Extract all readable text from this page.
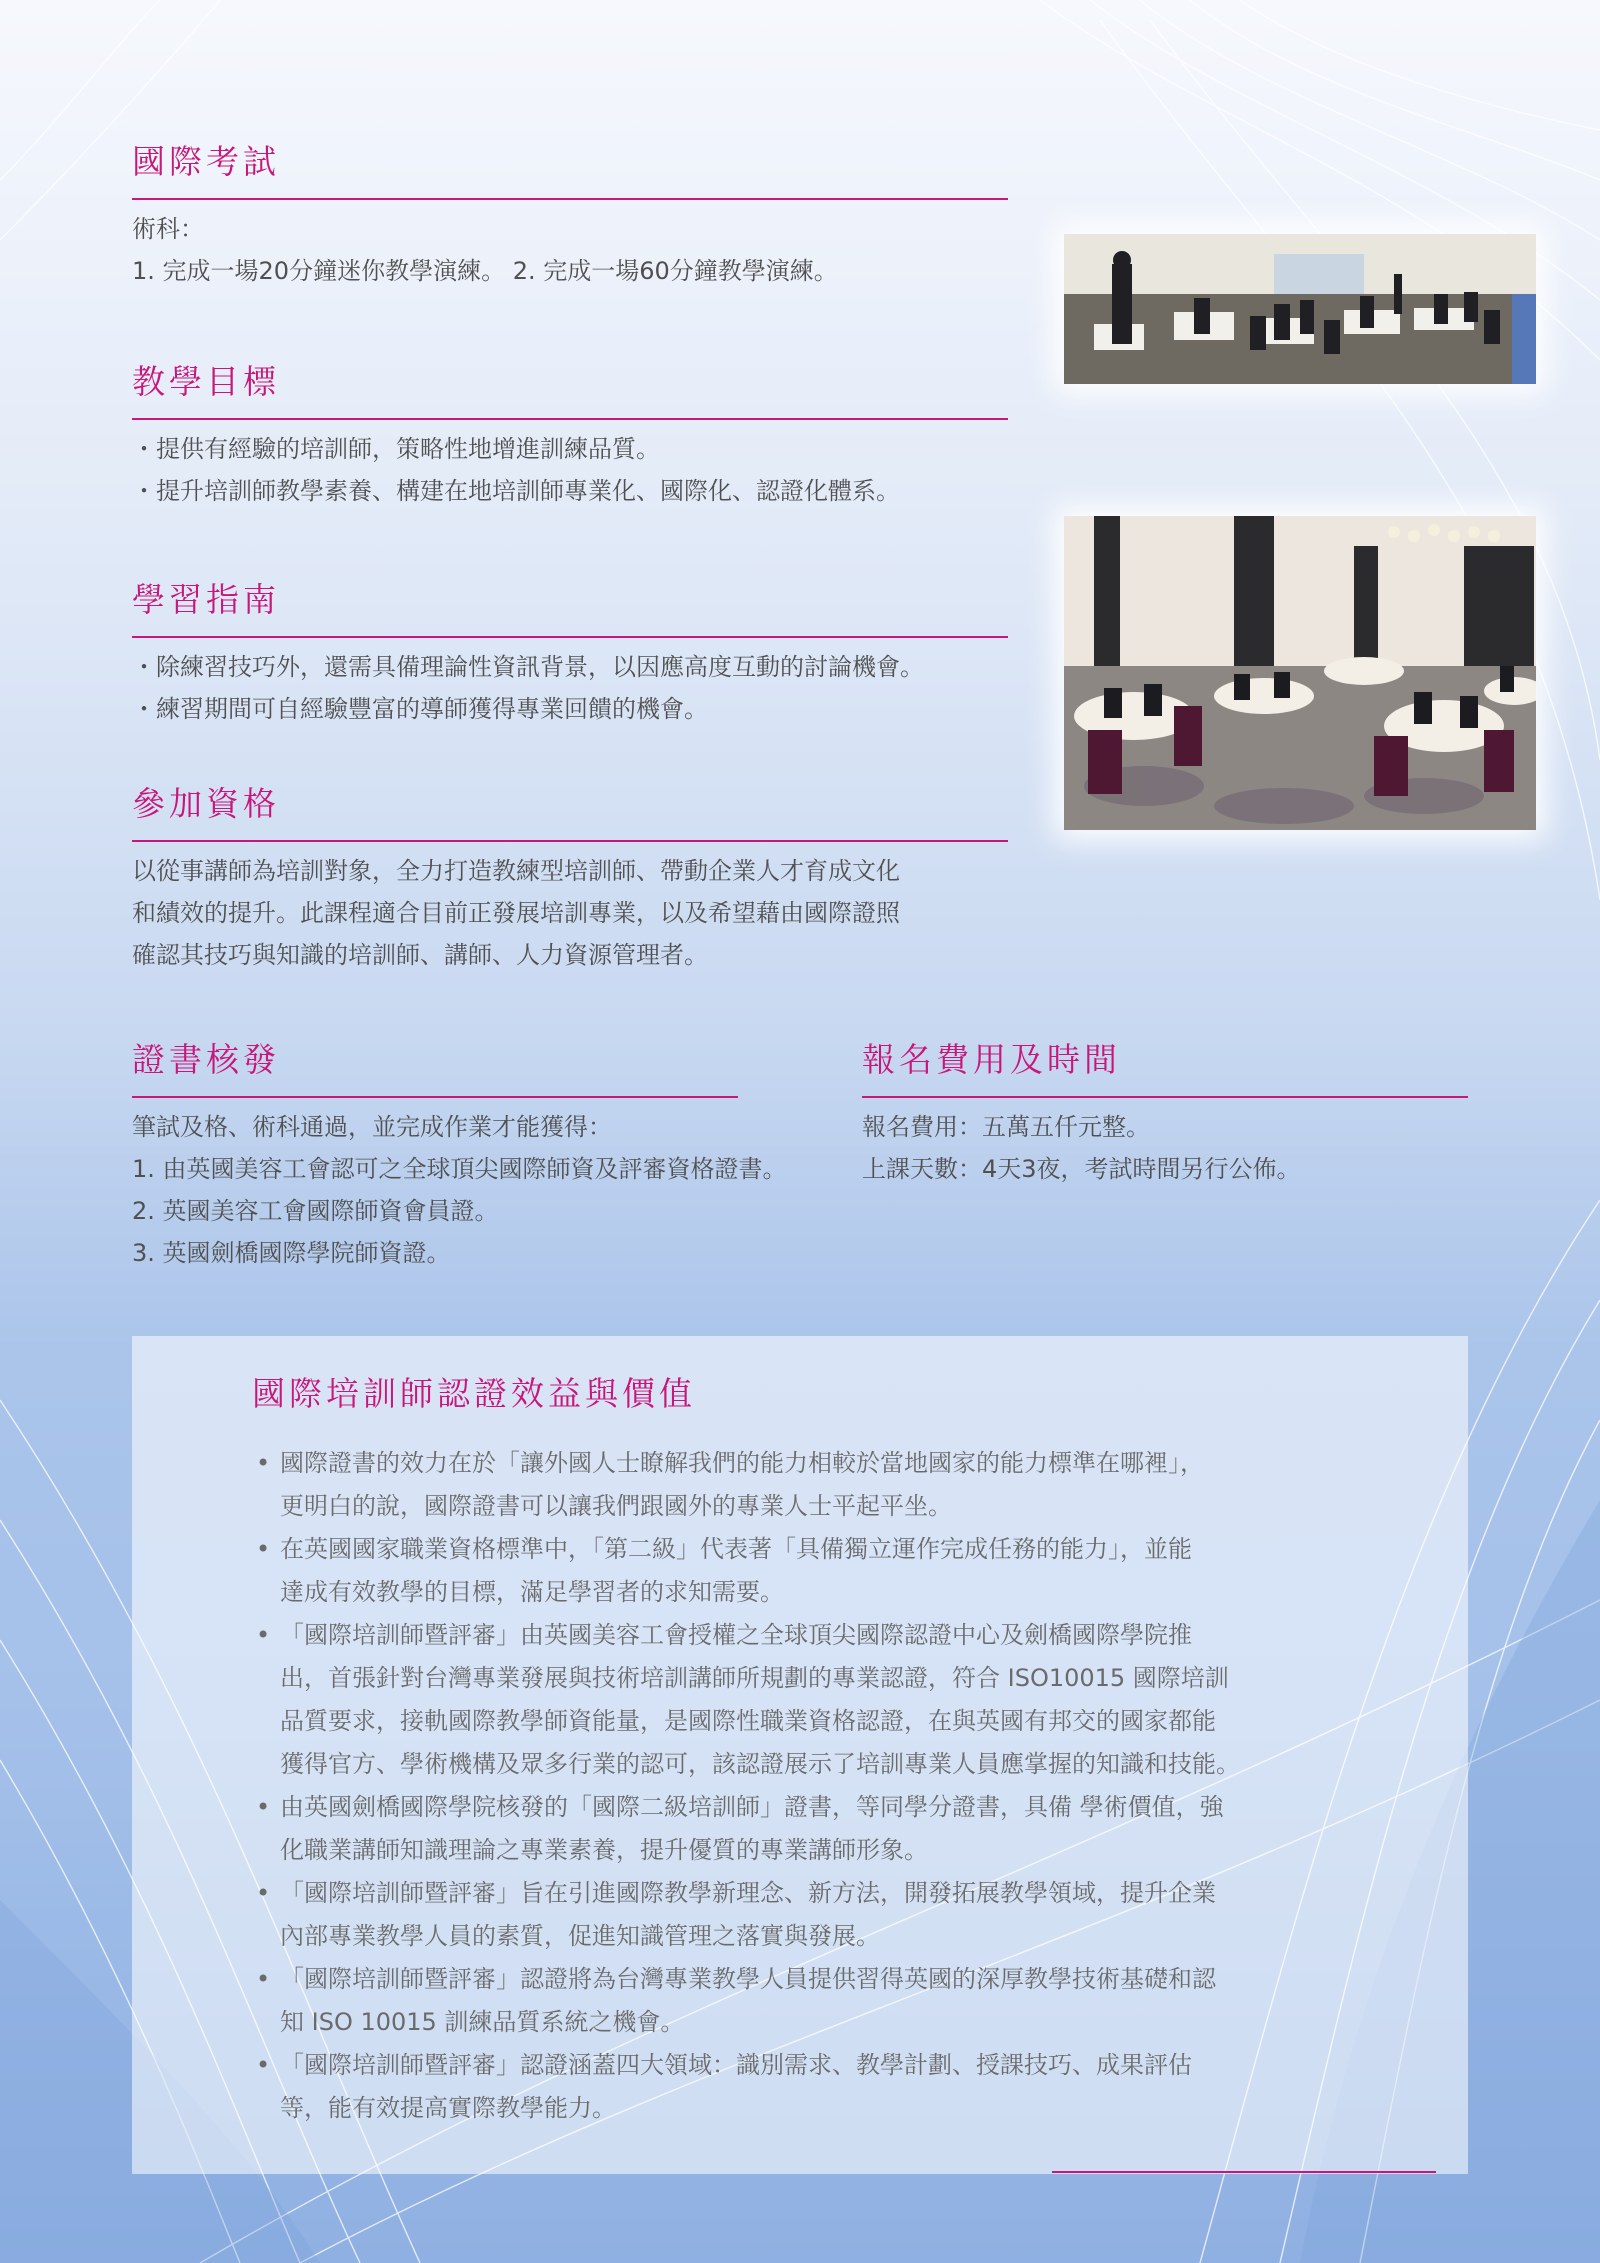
國際考試
術科：
1. 完成一場20分鐘迷你教學演練。 2. 完成一場60分鐘教學演練。
教學目標
・ 提供有經驗的培訓師，策略性地增進訓練品質。
・ 提升培訓師教學素養、構建在地培訓師專業化、國際化、認證化體系。
學習指南
・ 除練習技巧外，還需具備理論性資訊背景，以因應高度互動的討論機會。
・ 練習期間可自經驗豐富的導師獲得專業回饋的機會。
參加資格
以從事講師為培訓對象，全力打造教練型培訓師、帶動企業人才育成文化
和績效的提升。此課程適合目前正發展培訓專業，以及希望藉由國際證照
確認其技巧與知識的培訓師、講師、人力資源管理者。
證書核發
筆試及格、術科通過，並完成作業才能獲得：
1. 由英國美容工會認可之全球頂尖國際師資及評審資格證書。
2. 英國美容工會國際師資會員證。
3. 英國劍橋國際學院師資證。
報名費用及時間
報名費用：五萬五仟元整。
上課天數：4天3夜，考試時間另行公佈。
國際培訓師認證效益與價值
• 國際證書的效力在於「讓外國人士瞭解我們的能力相較於當地國家的能力標準在哪裡」，
更明白的說，國際證書可以讓我們跟國外的專業人士平起平坐。
• 在英國國家職業資格標準中，「第二級」代表著「具備獨立運作完成任務的能力」，並能
達成有效教學的目標，滿足學習者的求知需要。
• 「國際培訓師暨評審」由英國美容工會授權之全球頂尖國際認證中心及劍橋國際學院推
出，首張針對台灣專業發展與技術培訓講師所規劃的專業認證，符合 ISO10015 國際培訓
品質要求，接軌國際教學師資能量，是國際性職業資格認證，在與英國有邦交的國家都能
獲得官方、學術機構及眾多行業的認可，該認證展示了培訓專業人員應掌握的知識和技能。
• 由英國劍橋國際學院核發的「國際二級培訓師」證書，等同學分證書，具備 學術價值，強
化職業講師知識理論之專業素養，提升優質的專業講師形象。
• 「國際培訓師暨評審」旨在引進國際教學新理念、新方法，開發拓展教學領域，提升企業
內部專業教學人員的素質，促進知識管理之落實與發展。
• 「國際培訓師暨評審」認證將為台灣專業教學人員提供習得英國的深厚教學技術基礎和認
知 ISO 10015 訓練品質系統之機會。
• 「國際培訓師暨評審」認證涵蓋四大領域：識別需求、教學計劃、授課技巧、成果評估
等，能有效提高實際教學能力。
